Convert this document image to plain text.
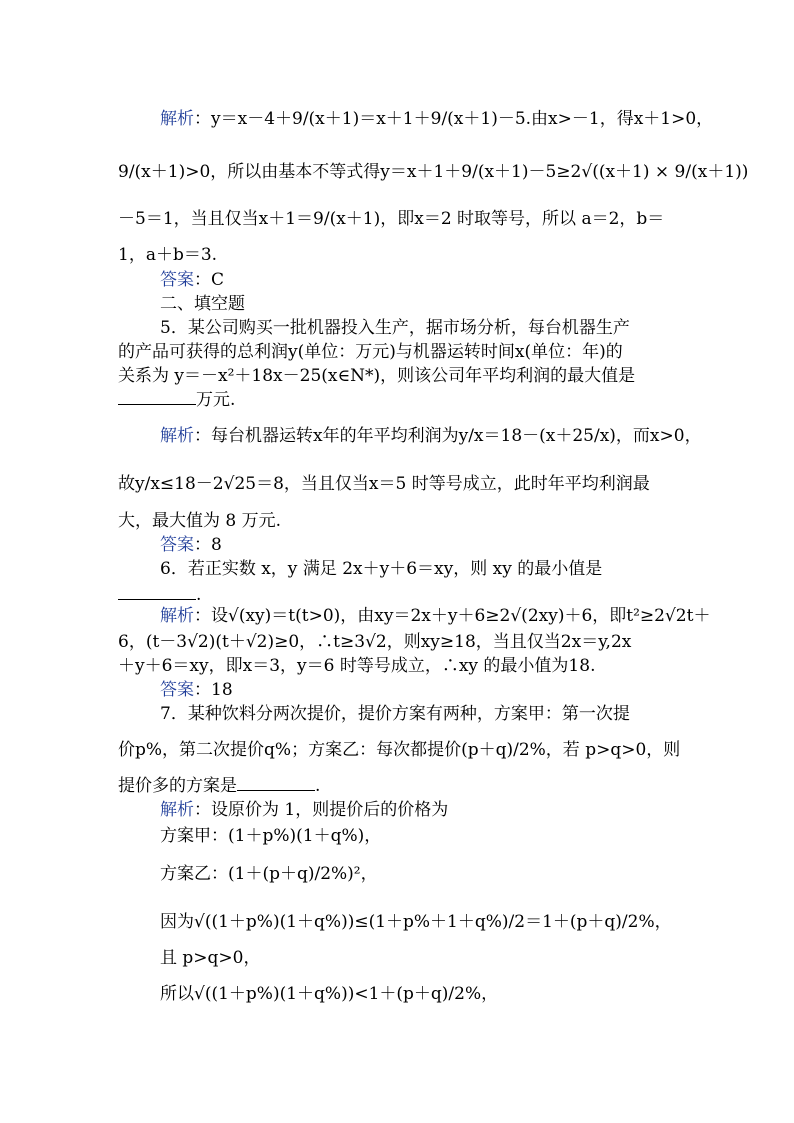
解析：y＝x－4＋9/(x＋1)＝x＋1＋9/(x＋1)－5.由x>－1，得x＋1>0，
9/(x＋1)>0，所以由基本不等式得y＝x＋1＋9/(x＋1)－5≥2√((x＋1) × 9/(x＋1))
－5＝1，当且仅当x＋1＝9/(x＋1)，即x＝2 时取等号，所以 a＝2，b＝
1，a＋b＝3.
答案：C
二、填空题
5．某公司购买一批机器投入生产，据市场分析，每台机器生产
的产品可获得的总利润y(单位：万元)与机器运转时间x(单位：年)的
关系为 y＝－x²＋18x－25(x∈N*)，则该公司年平均利润的最大值是
万元.
解析：每台机器运转x年的年平均利润为y/x＝18－(x＋25/x)，而x>0，
故y/x≤18－2√25＝8，当且仅当x＝5 时等号成立，此时年平均利润最
大，最大值为 8 万元.
答案：8
6．若正实数 x，y 满足 2x＋y＋6＝xy，则 xy 的最小值是
.
解析：设√(xy)＝t(t>0)，由xy＝2x＋y＋6≥2√(2xy)＋6，即t²≥2√2t＋
6，(t－3√2)(t＋√2)≥0，∴t≥3√2，则xy≥18，当且仅当2x＝y,2x
＋y＋6＝xy，即x＝3，y＝6 时等号成立，∴xy 的最小值为18.
答案：18
7．某种饮料分两次提价，提价方案有两种，方案甲：第一次提
价p%，第二次提价q%；方案乙：每次都提价(p＋q)/2%，若 p>q>0，则
提价多的方案是	.
解析：设原价为 1，则提价后的价格为
方案甲：(1＋p%)(1＋q%)，
方案乙：(1＋(p＋q)/2%)²，
因为√((1＋p%)(1＋q%))≤(1＋p%＋1＋q%)/2＝1＋(p＋q)/2%，
且 p>q>0，
所以√((1＋p%)(1＋q%))<1＋(p＋q)/2%，
